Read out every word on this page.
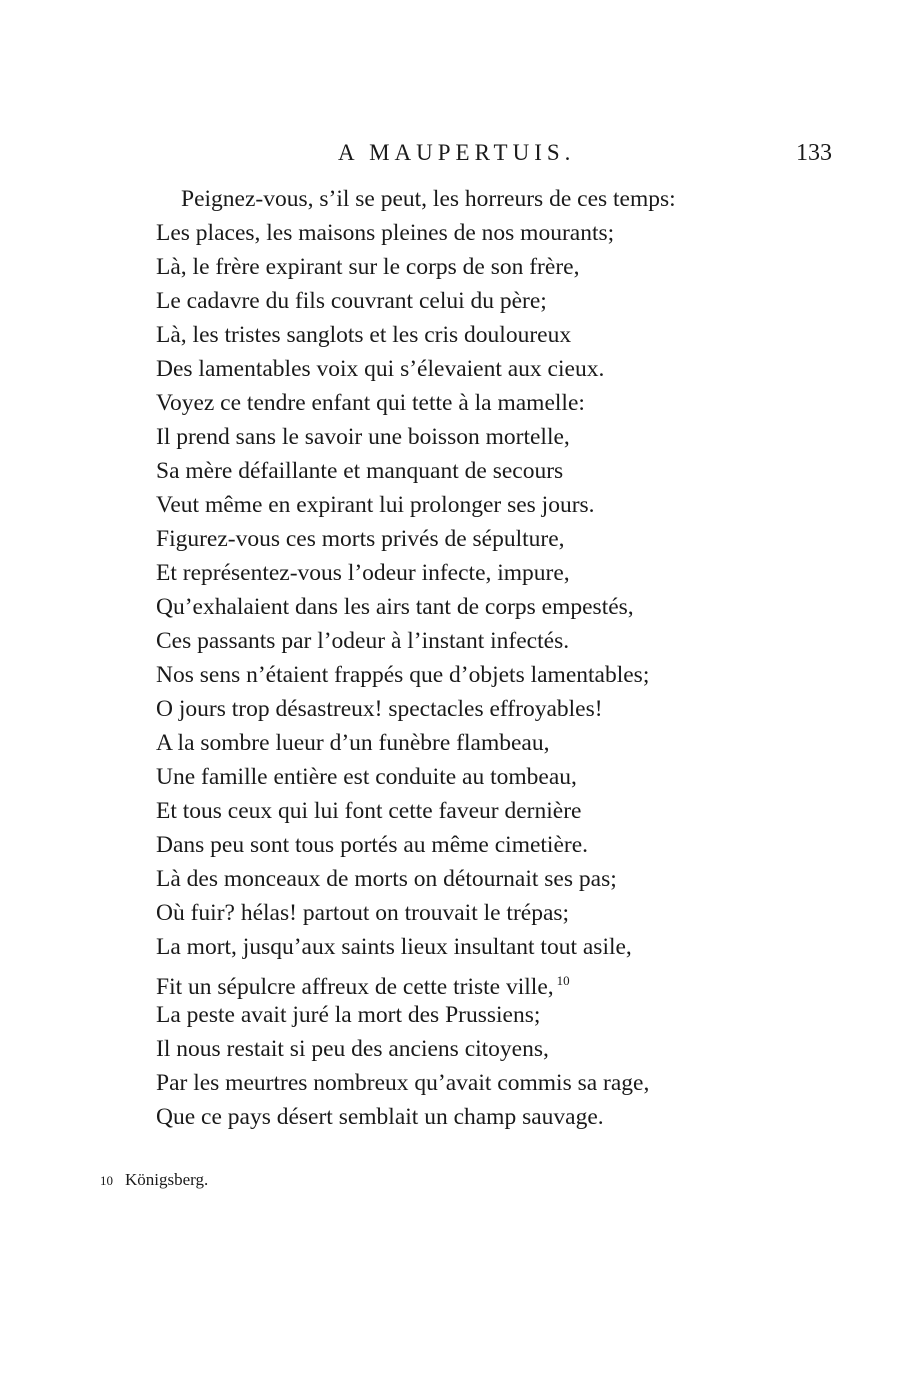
A MAUPERTUIS.	133
Peignez-vous, s’il se peut, les horreurs de ces temps:
Les places, les maisons pleines de nos mourants;
Là, le frère expirant sur le corps de son frère,
Le cadavre du fils couvrant celui du père;
Là, les tristes sanglots et les cris douloureux
Des lamentables voix qui s’élevaient aux cieux.
Voyez ce tendre enfant qui tette à la mamelle:
Il prend sans le savoir une boisson mortelle,
Sa mère défaillante et manquant de secours
Veut même en expirant lui prolonger ses jours.
Figurez-vous ces morts privés de sépulture,
Et représentez-vous l’odeur infecte, impure,
Qu’exhalaient dans les airs tant de corps empestés,
Ces passants par l’odeur à l’instant infectés.
Nos sens n’étaient frappés que d’objets lamentables;
O jours trop désastreux! spectacles effroyables!
A la sombre lueur d’un funèbre flambeau,
Une famille entière est conduite au tombeau,
Et tous ceux qui lui font cette faveur dernière
Dans peu sont tous portés au même cimetière.
Là des monceaux de morts on détournait ses pas;
Où fuir? hélas! partout on trouvait le trépas;
La mort, jusqu’aux saints lieux insultant tout asile,
Fit un sépulcre affreux de cette triste ville, $^{10}$
La peste avait juré la mort des Prussiens;
Il nous restait si peu des anciens citoyens,
Par les meurtres nombreux qu’avait commis sa rage,
Que ce pays désert semblait un champ sauvage.
10 Königsberg.
